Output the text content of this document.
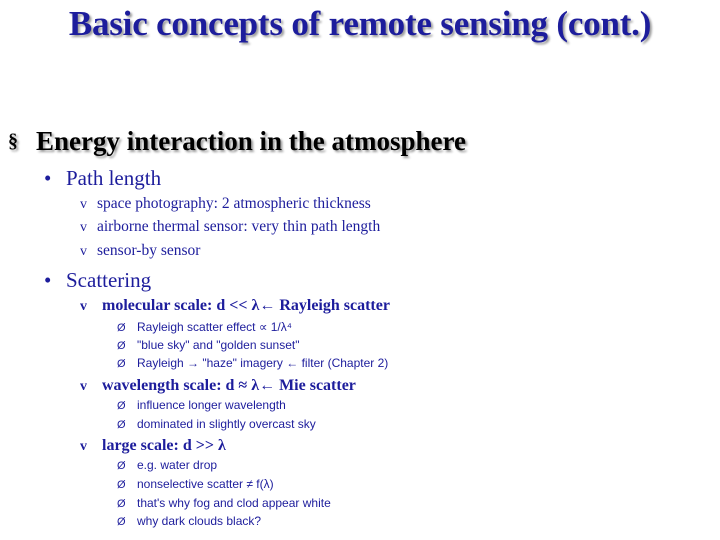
Basic concepts of remote sensing (cont.)
§ Energy interaction in the atmosphere
• Path length
v space photography: 2 atmospheric thickness
v airborne thermal sensor: very thin path length
v sensor-by sensor
• Scattering
v molecular scale: d << λ← Rayleigh scatter
Ø Rayleigh scatter effect ∝ 1/λ⁴
Ø "blue sky" and "golden sunset"
Ø Rayleigh → "haze" imagery ← filter (Chapter 2)
v wavelength scale: d ≈ λ← Mie scatter
Ø influence longer wavelength
Ø dominated in slightly overcast sky
v large scale: d >> λ
Ø e.g. water drop
Ø nonselective scatter ≠ f(λ)
Ø that's why fog and clod appear white
Ø why dark clouds black?
